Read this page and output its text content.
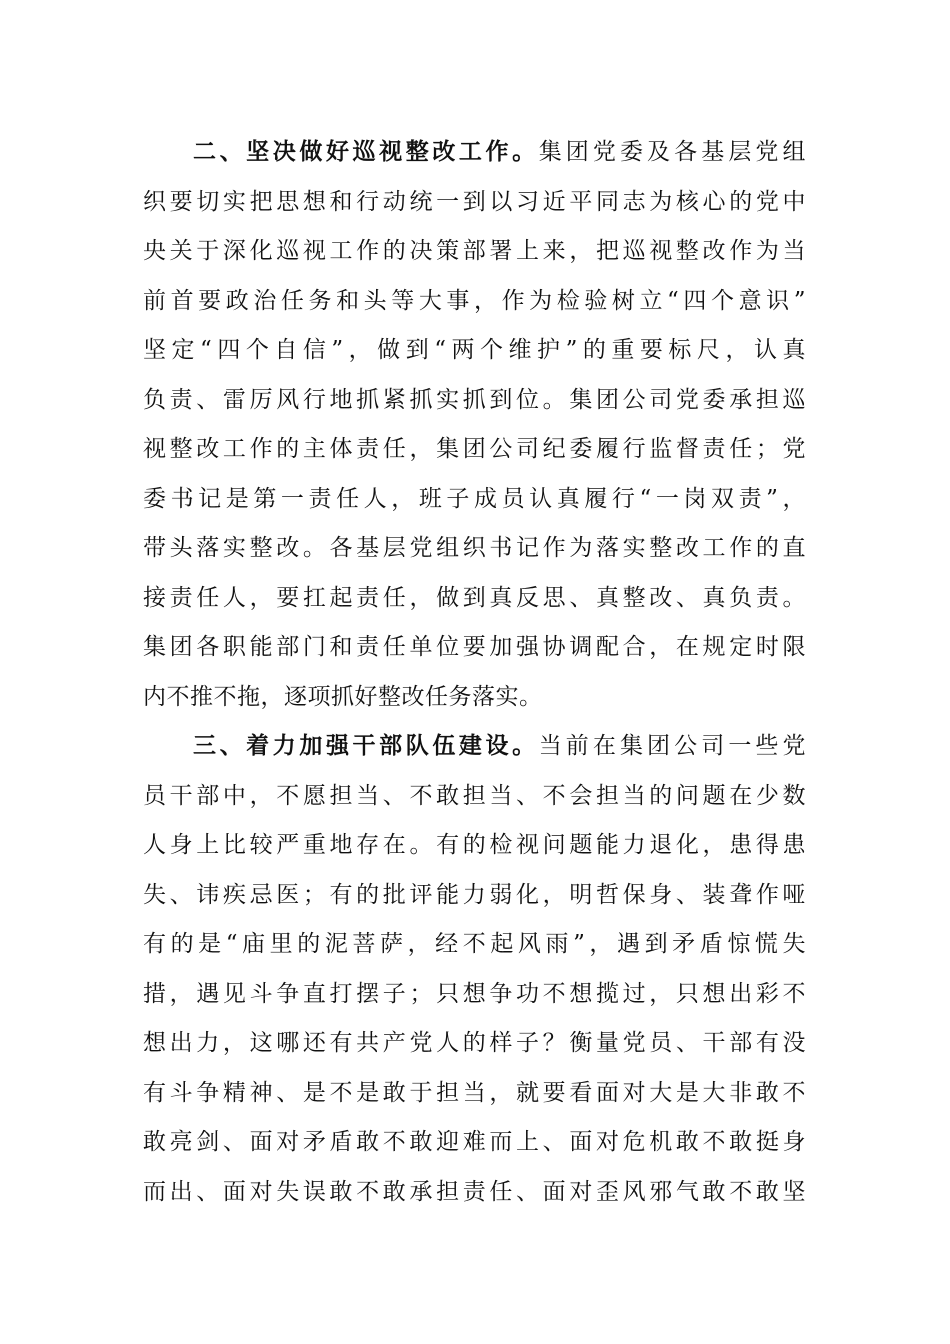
二、坚决做好巡视整改工作。集团党委及各基层党组
织要切实把思想和行动统一到以习近平同志为核心的党中
央关于深化巡视工作的决策部署上来，把巡视整改作为当
前首要政治任务和头等大事，作为检验树立“四个意识”
坚定“四个自信”，做到“两个维护”的重要标尺，认真
负责、雷厉风行地抓紧抓实抓到位。集团公司党委承担巡
视整改工作的主体责任，集团公司纪委履行监督责任；党
委书记是第一责任人，班子成员认真履行“一岗双责”，
带头落实整改。各基层党组织书记作为落实整改工作的直
接责任人，要扛起责任，做到真反思、真整改、真负责。
集团各职能部门和责任单位要加强协调配合，在规定时限
内不推不拖，逐项抓好整改任务落实。
三、着力加强干部队伍建设。当前在集团公司一些党
员干部中，不愿担当、不敢担当、不会担当的问题在少数
人身上比较严重地存在。有的检视问题能力退化，患得患
失、讳疾忌医；有的批评能力弱化，明哲保身、装聋作哑
有的是“庙里的泥菩萨，经不起风雨”，遇到矛盾惊慌失
措，遇见斗争直打摆子；只想争功不想揽过，只想出彩不
想出力，这哪还有共产党人的样子？衡量党员、干部有没
有斗争精神、是不是敢于担当，就要看面对大是大非敢不
敢亮剑、面对矛盾敢不敢迎难而上、面对危机敢不敢挺身
而出、面对失误敢不敢承担责任、面对歪风邪气敢不敢坚
